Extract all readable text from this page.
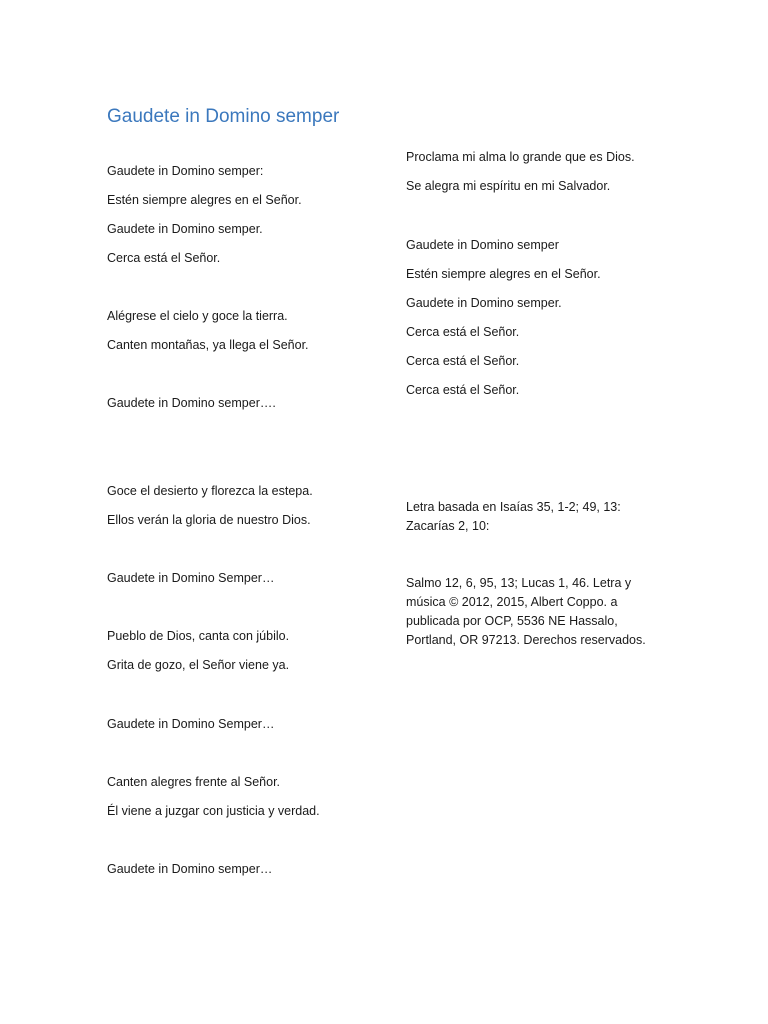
Gaudete in Domino semper
Gaudete in Domino semper:
Estén siempre alegres en el Señor.
Gaudete in Domino semper.
Cerca está el Señor.
Alégrese el cielo y goce la tierra.
Canten montañas, ya llega el Señor.
Gaudete in Domino semper….
Goce el desierto y florezca la estepa.
Ellos verán la gloria de nuestro Dios.
Gaudete in Domino Semper…
Pueblo de Dios, canta con júbilo.
Grita de gozo, el Señor viene ya.
Gaudete in Domino Semper…
Canten alegres frente al Señor.
Él viene a juzgar con justicia y verdad.
Gaudete in Domino semper…
Proclama mi alma lo grande que es Dios.
Se alegra mi espíritu en mi Salvador.
Gaudete in Domino semper
Estén siempre alegres en el Señor.
Gaudete in Domino semper.
Cerca está el Señor.
Cerca está el Señor.
Cerca está el Señor.
Letra basada en Isaías 35, 1-2; 49, 13:
Zacarías 2, 10:
Salmo 12, 6, 95, 13; Lucas 1, 46. Letra y
música © 2012, 2015, Albert Coppo. a
publicada por OCP, 5536 NE Hassalo,
Portland, OR 97213. Derechos reservados.
